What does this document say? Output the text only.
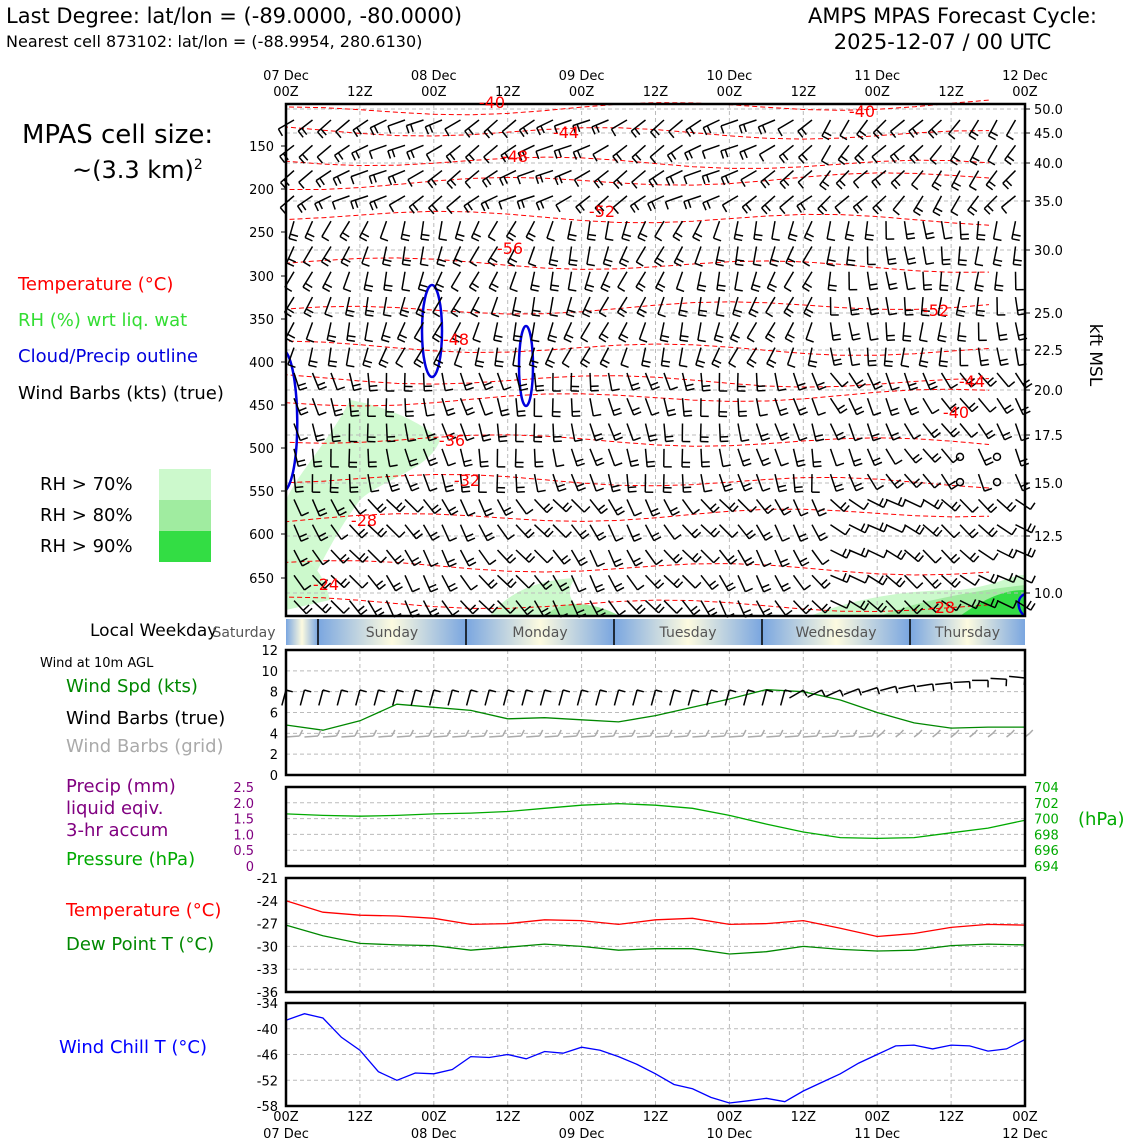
Last Degree: lat/lon = (-89.0000, -80.0000)
Nearest cell 873102: lat/lon = (-88.9954, 280.6130)
AMPS MPAS Forecast Cycle:
2025-12-07 / 00 UTC
MPAS cell size:
~(3.3 km)$^2$
Temperature (°C)
RH (%) wrt liq. wat
Cloud/Precip outline
Wind Barbs (kts) (true)
RH > 70%
RH > 80%
RH > 90%
Local Weekday
Wind at 10m AGL
Wind Spd (kts)
Wind Barbs (true)
Wind Barbs (grid)
Precip (mm)
liquid eqiv.
3-hr accum
Pressure (hPa)
(hPa)
Temperature (°C)
Dew Point T (°C)
Wind Chill T (°C)
07 Dec
00Z	12Z
08 Dec
00Z	12Z
09 Dec
00Z	12Z
10 Dec
00Z	12Z
11 Dec
00Z	12Z
12 Dec
00Z
00Z
07 Dec
12Z	00Z
08 Dec
12Z	00Z
09 Dec
12Z	00Z
10 Dec
12Z	00Z
11 Dec
12Z	00Z
12 Dec
-40
-44
-48
-52
-56
-40
-52
-48
-44
-40
-36
-32
-28
-24
-28
150
200
250
300
350
400
450
500
550
600
650
50.0
45.0
40.0
35.0
30.0
25.0
22.5
20.0
17.5
15.0
12.5
10.0
kft MSL
Saturday	Sunday	Monday	Tuesday	Wednesday	Thursday
0
2
4
6
8
10
12
0
0.5
1.0
1.5
2.0
2.5
694
696
698
700
702
704
-36
-33
-30
-27
-24
-21
-58
-52
-46
-40
-34
